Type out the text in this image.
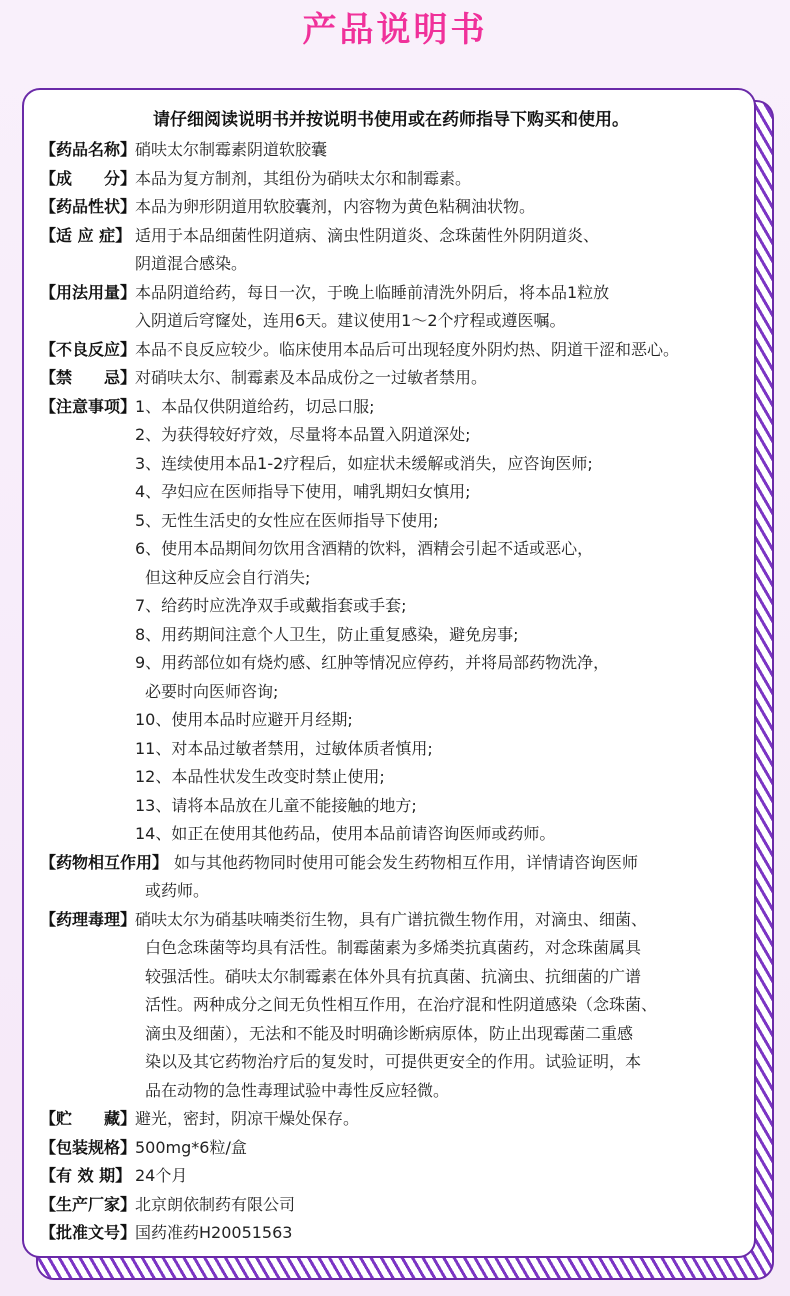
产品说明书
请仔细阅读说明书并按说明书使用或在药师指导下购买和使用。
【药品名称】硝呋太尔制霉素阴道软胶囊
【成　　分】本品为复方制剂，其组份为硝呋太尔和制霉素。
【药品性状】本品为卵形阴道用软胶囊剂，内容物为黄色粘稠油状物。
【适 应 症】 适用于本品细菌性阴道病、滴虫性阴道炎、念珠菌性外阴阴道炎、
阴道混合感染。
【用法用量】本品阴道给药，每日一次，于晚上临睡前清洗外阴后，将本品1粒放
入阴道后穹窿处，连用6天。建议使用1～2个疗程或遵医嘱。
【不良反应】本品不良反应较少。临床使用本品后可出现轻度外阴灼热、阴道干涩和恶心。
【禁　　忌】对硝呋太尔、制霉素及本品成份之一过敏者禁用。
【注意事项】1、本品仅供阴道给药，切忌口服;
2、为获得较好疗效，尽量将本品置入阴道深处;
3、连续使用本品1-2疗程后，如症状未缓解或消失，应咨询医师;
4、孕妇应在医师指导下使用，哺乳期妇女慎用;
5、无性生活史的女性应在医师指导下使用;
6、使用本品期间勿饮用含酒精的饮料，酒精会引起不适或恶心，
但这种反应会自行消失;
7、给药时应洗净双手或戴指套或手套;
8、用药期间注意个人卫生，防止重复感染，避免房事;
9、用药部位如有烧灼感、红肿等情况应停药，并将局部药物洗净，
必要时向医师咨询;
10、使用本品时应避开月经期;
11、对本品过敏者禁用，过敏体质者慎用;
12、本品性状发生改变时禁止使用;
13、请将本品放在儿童不能接触的地方;
14、如正在使用其他药品，使用本品前请咨询医师或药师。
【药物相互作用】 如与其他药物同时使用可能会发生药物相互作用，详情请咨询医师
或药师。
【药理毒理】硝呋太尔为硝基呋喃类衍生物，具有广谱抗微生物作用，对滴虫、细菌、
白色念珠菌等均具有活性。制霉菌素为多烯类抗真菌药，对念珠菌属具
较强活性。硝呋太尔制霉素在体外具有抗真菌、抗滴虫、抗细菌的广谱
活性。两种成分之间无负性相互作用，在治疗混和性阴道感染（念珠菌、
滴虫及细菌），无法和不能及时明确诊断病原体，防止出现霉菌二重感
染以及其它药物治疗后的复发时，可提供更安全的作用。试验证明，本
品在动物的急性毒理试验中毒性反应轻微。
【贮　　藏】避光，密封，阴凉干燥处保存。
【包装规格】500mg*6粒/盒
【有 效 期】 24个月
【生产厂家】北京朗依制药有限公司
【批准文号】国药准药H20051563
